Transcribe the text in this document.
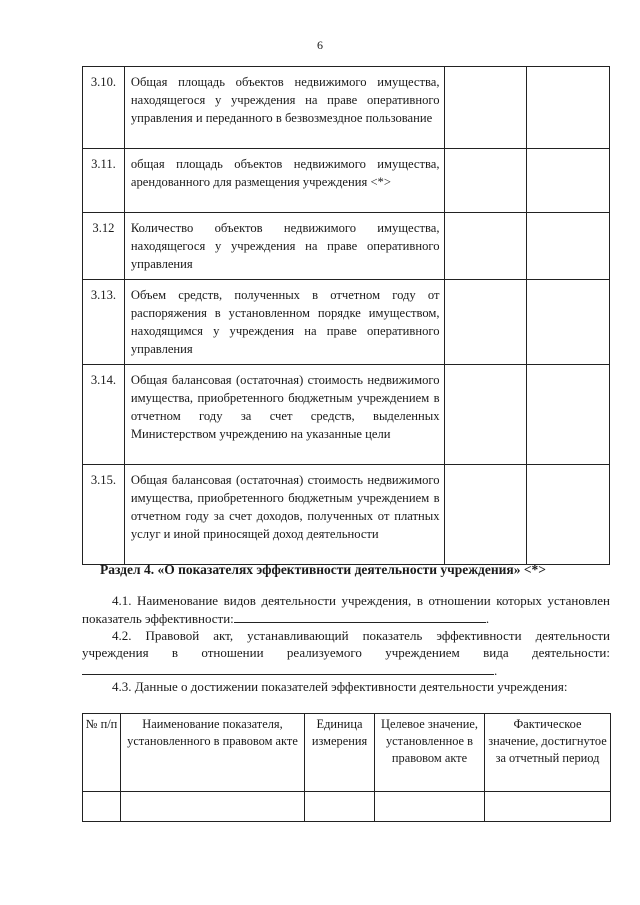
6
3.10.	Общая площадь объектов недвижимого имущества, находящегося у учреждения на праве оперативного управления и переданного в безвозмездное пользование		
3.11.	общая площадь объектов недвижимого имущества, арендованного для размещения учреждения <*>		
3.12	Количество объектов недвижимого имущества, находящегося у учреждения на праве оперативного управления		
3.13.	Объем средств, полученных в отчетном году от распоряжения в установленном порядке имуществом, находящимся у учреждения на праве оперативного управления		
3.14.	Общая балансовая (остаточная) стоимость недвижимого имущества, приобретенного бюджетным учреждением в отчетном году за счет средств, выделенных Министерством учреждению на указанные цели		
3.15.	Общая балансовая (остаточная) стоимость недвижимого имущества, приобретенного бюджетным учреждением в отчетном году за счет доходов, полученных от платных услуг и иной приносящей доход деятельности		
Раздел 4. «О показателях эффективности деятельности учреждения» <*>
4.1. Наименование видов деятельности учреждения, в отношении которых установлен показатель эффективности:	.
4.2. Правовой акт, устанавливающий показатель эффективности деятельности учреждения в отношении реализуемого учреждением вида деятельности:.
4.3. Данные о достижении показателей эффективности деятельности учреждения:
№ п/п	Наименование показателя, установленного в правовом акте	Единица измерения	Целевое значение, установленное в правовом акте	Фактическое значение, достигнутое за отчетный период
